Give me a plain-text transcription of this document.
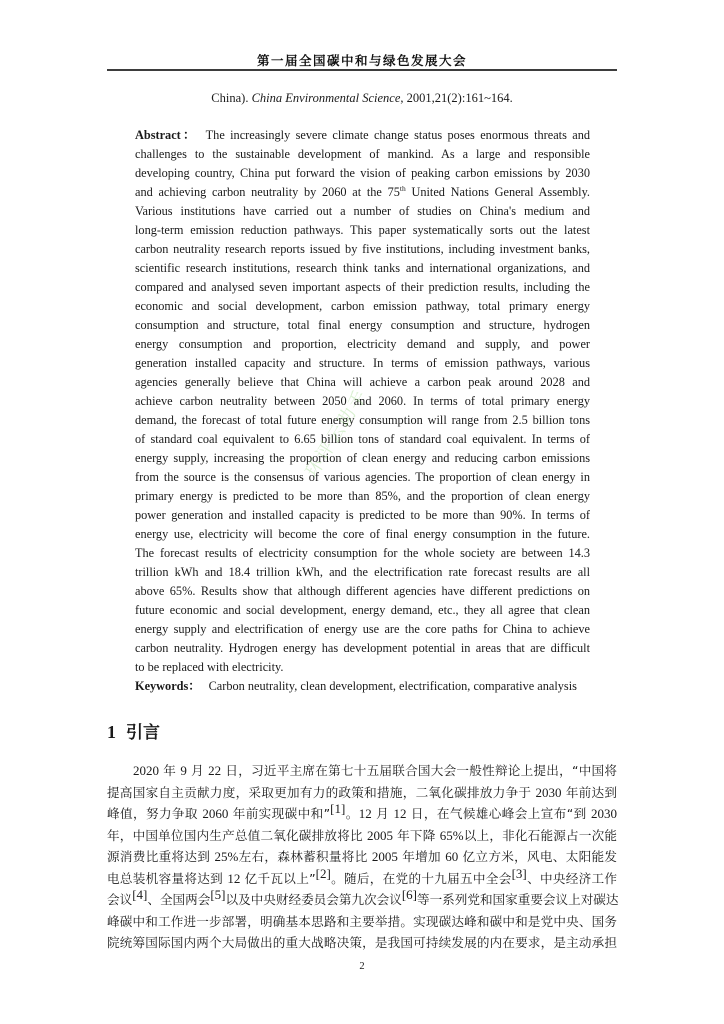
第一届全国碳中和与绿色发展大会
China). China Environmental Science, 2001,21(2):161~164.
Abstract： The increasingly severe climate change status poses enormous threats and
challenges to the sustainable development of mankind. As a large and responsible
developing country, China put forward the vision of peaking carbon emissions by 2030
and achieving carbon neutrality by 2060 at the 75th United Nations General Assembly.
Various institutions have carried out a number of studies on China's medium and
long-term emission reduction pathways. This paper systematically sorts out the latest
carbon neutrality research reports issued by five institutions, including investment banks,
scientific research institutions, research think tanks and international organizations, and
compared and analysed seven important aspects of their prediction results, including the
economic and social development, carbon emission pathway, total primary energy
consumption and structure, total final energy consumption and structure, hydrogen
energy consumption and proportion, electricity demand and supply, and power
generation installed capacity and structure. In terms of emission pathways, various
agencies generally believe that China will achieve a carbon peak around 2028 and
achieve carbon neutrality between 2050 and 2060. In terms of total primary energy
demand, the forecast of total future energy consumption will range from 2.5 billion tons
of standard coal equivalent to 6.65 billion tons of standard coal equivalent. In terms of
energy supply, increasing the proportion of clean energy and reducing carbon emissions
from the source is the consensus of various agencies. The proportion of clean energy in
primary energy is predicted to be more than 85%, and the proportion of clean energy
power generation and installed capacity is predicted to be more than 90%. In terms of
energy use, electricity will become the core of final energy consumption in the future.
The forecast results of electricity consumption for the whole society are between 14.3
trillion kWh and 18.4 trillion kWh, and the electrification rate forecast results are all
above 65%. Results show that although different agencies have different predictions on
future economic and social development, energy demand, etc., they all agree that clean
energy supply and electrification of energy use are the core paths for China to achieve
carbon neutrality. Hydrogen energy has development potential in areas that are difficult
to be replaced with electricity.
Keywords： Carbon neutrality, clean development, electrification, comparative analysis
1 引言
2020 年 9 月 22 日，习近平主席在第七十五届联合国大会一般性辩论上提出，“中国将
提高国家自主贡献力度，采取更加有力的政策和措施，二氧化碳排放力争于 2030 年前达到
峰值，努力争取 2060 年前实现碳中和”[1]。12 月 12 日，在气候雄心峰会上宣布“到 2030
年，中国单位国内生产总值二氧化碳排放将比 2005 年下降 65%以上，非化石能源占一次能
源消费比重将达到 25%左右，森林蓄积量将比 2005 年增加 60 亿立方米，风电、太阳能发
电总装机容量将达到 12 亿千瓦以上”[2]。随后，在党的十九届五中全会[3]、中央经济工作
会议[4]、全国两会[5]以及中央财经委员会第九次会议[6]等一系列党和国家重要会议上对碳达
峰碳中和工作进一步部署，明确基本思路和主要举措。实现碳达峰和碳中和是党中央、国务
院统筹国际国内两个大局做出的重大战略决策，是我国可持续发展的内在要求，是主动承担
2
环评云助手
